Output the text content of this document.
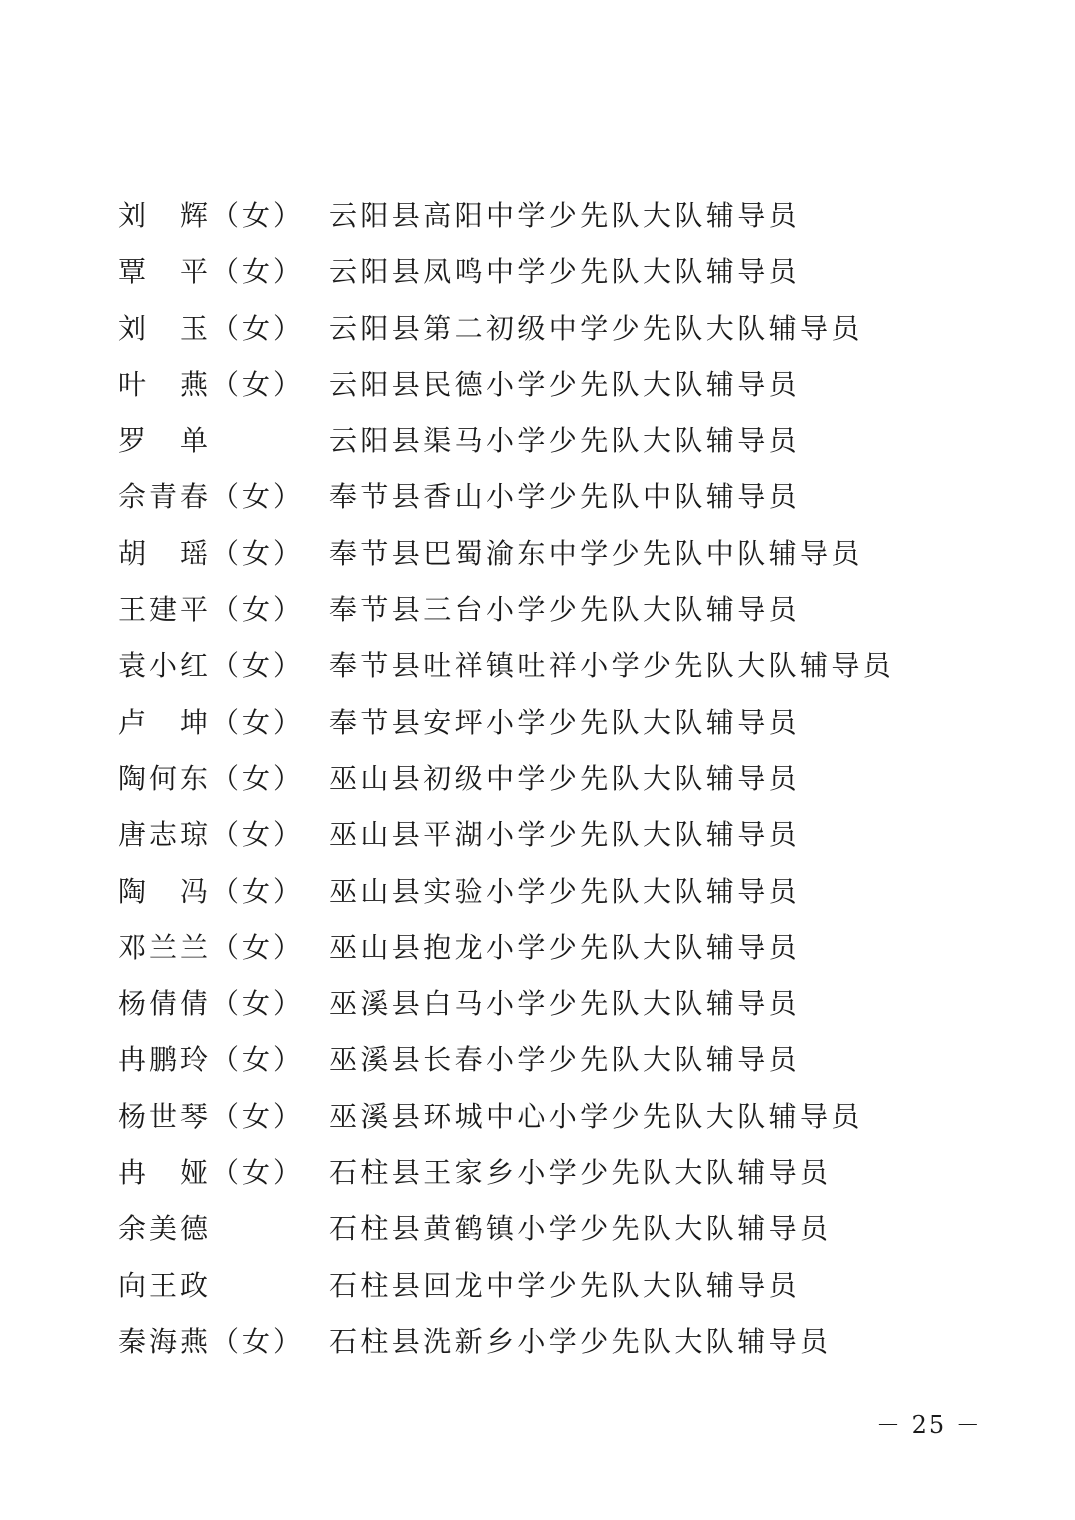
刘　辉（女） 云阳县高阳中学少先队大队辅导员
覃　平（女） 云阳县凤鸣中学少先队大队辅导员
刘　玉（女） 云阳县第二初级中学少先队大队辅导员
叶　燕（女） 云阳县民德小学少先队大队辅导员
罗　单	云阳县渠马小学少先队大队辅导员
佘青春（女） 奉节县香山小学少先队中队辅导员
胡　瑶（女） 奉节县巴蜀渝东中学少先队中队辅导员
王建平（女） 奉节县三台小学少先队大队辅导员
袁小红（女） 奉节县吐祥镇吐祥小学少先队大队辅导员
卢　坤（女） 奉节县安坪小学少先队大队辅导员
陶何东（女） 巫山县初级中学少先队大队辅导员
唐志琼（女） 巫山县平湖小学少先队大队辅导员
陶　冯（女） 巫山县实验小学少先队大队辅导员
邓兰兰（女） 巫山县抱龙小学少先队大队辅导员
杨倩倩（女） 巫溪县白马小学少先队大队辅导员
冉鹏玲（女） 巫溪县长春小学少先队大队辅导员
杨世琴（女） 巫溪县环城中心小学少先队大队辅导员
冉　娅（女） 石柱县王家乡小学少先队大队辅导员
余美德	石柱县黄鹤镇小学少先队大队辅导员
向王政	石柱县回龙中学少先队大队辅导员
秦海燕（女） 石柱县洗新乡小学少先队大队辅导员
－ 25 －
